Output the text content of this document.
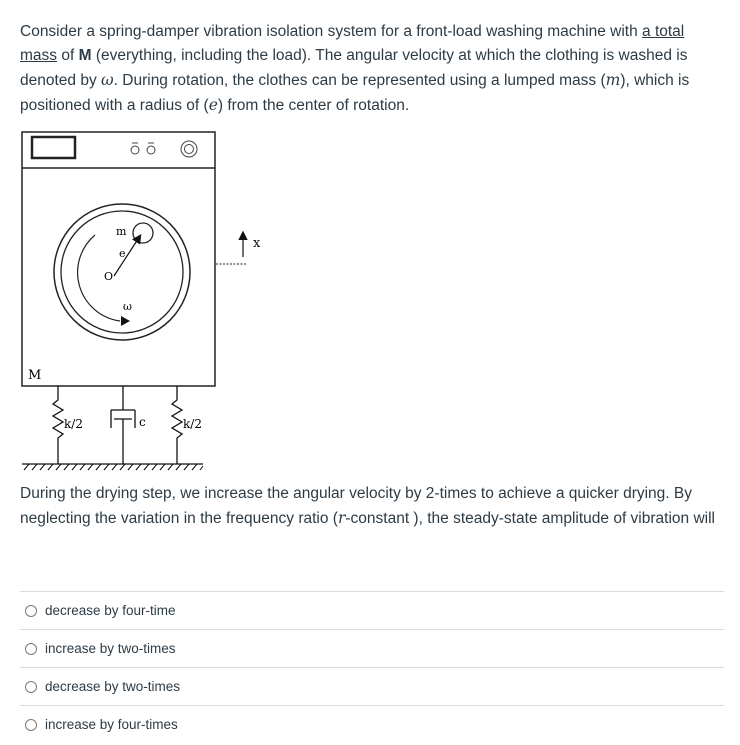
Consider a spring-damper vibration isolation system for a front-load washing machine with a total mass of M (everything, including the load). The angular velocity at which the clothing is washed is denoted by ω. During rotation, the clothes can be represented using a lumped mass (m), which is positioned with a radius of (e) from the center of rotation.

m
e
O
ω
M
k/2	c	k/2
x

During the drying step, we increase the angular velocity by 2-times to achieve a quicker drying. By neglecting the variation in the frequency ratio (r-constant ), the steady-state amplitude of vibration will

decrease by four-time
increase by two-times
decrease by two-times
increase by four-times
